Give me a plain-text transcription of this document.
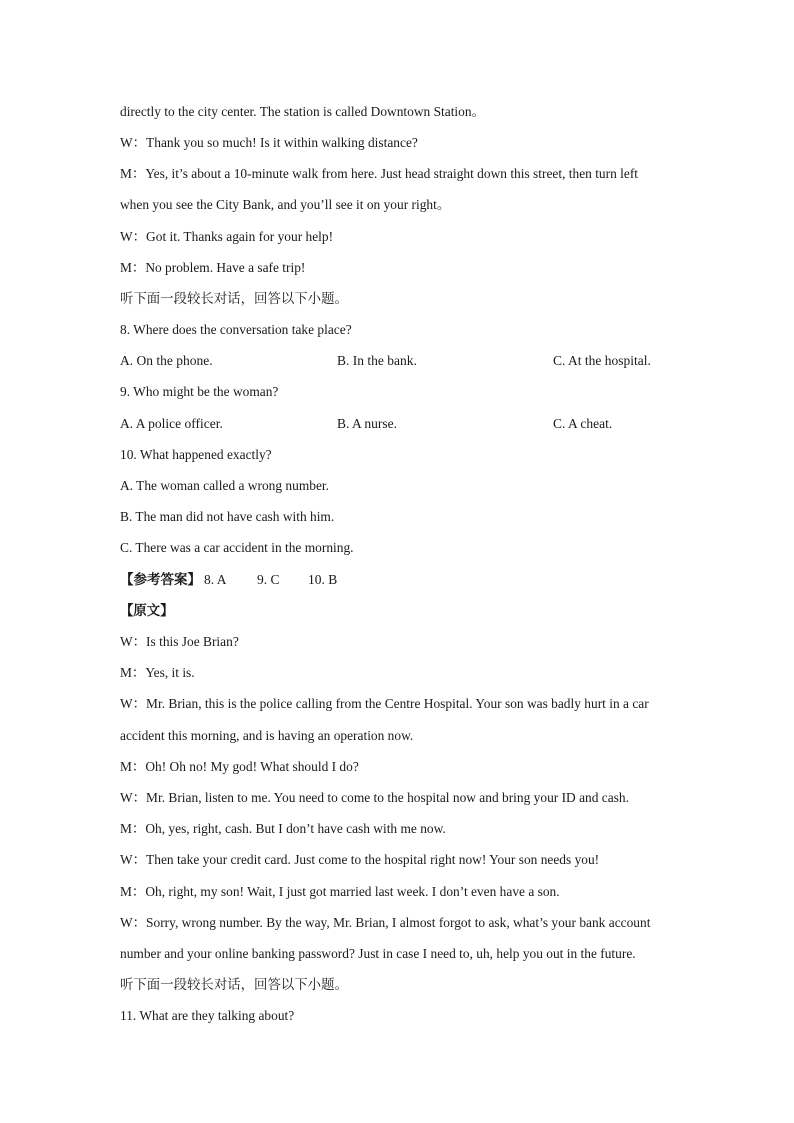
directly to the city center. The station is called Downtown Station。
W：Thank you so much! Is it within walking distance?
M：Yes, it’s about a 10-minute walk from here. Just head straight down this street, then turn left
when you see the City Bank, and you’ll see it on your right。
W：Got it. Thanks again for your help!
M：No problem. Have a safe trip!
听下面一段较长对话，回答以下小题。
8. Where does the conversation take place?
A. On the phone.	B. In the bank.	C. At the hospital.
9. Who might be the woman?
A. A police officer.	B. A nurse.	C. A cheat.
10. What happened exactly?
A. The woman called a wrong number.
B. The man did not have cash with him.
C. There was a car accident in the morning.
【参考答案】 8. A 9. C 10. B
【原文】
W：Is this Joe Brian?
M：Yes, it is.
W：Mr. Brian, this is the police calling from the Centre Hospital. Your son was badly hurt in a car
accident this morning, and is having an operation now.
M：Oh! Oh no! My god! What should I do?
W：Mr. Brian, listen to me. You need to come to the hospital now and bring your ID and cash.
M：Oh, yes, right, cash. But I don’t have cash with me now.
W：Then take your credit card. Just come to the hospital right now! Your son needs you!
M：Oh, right, my son! Wait, I just got married last week. I don’t even have a son.
W：Sorry, wrong number. By the way, Mr. Brian, I almost forgot to ask, what’s your bank account
number and your online banking password? Just in case I need to, uh, help you out in the future.
听下面一段较长对话，回答以下小题。
11. What are they talking about?
